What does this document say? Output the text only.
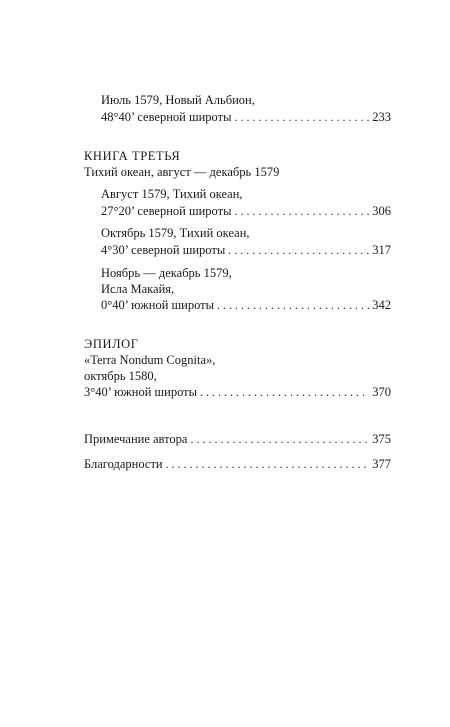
Июль 1579, Новый Альбион,
48°40’ северной широты . . .	233
КНИГА ТРЕТЬЯ
Тихий океан, август — декабрь 1579
Август 1579, Тихий океан,
27°20’ северной широты . . .	306
Октябрь 1579, Тихий океан,
4°30’ северной широты . . .	317
Ноябрь — декабрь 1579,
Исла Макайя,
0°40’ южной широты . . .	342
ЭПИЛОГ
«Terra Nondum Cognita»,
октябрь 1580,
3°40’ южной широты . . .	370
Примечание автора . . .	375
Благодарности . . .	377
